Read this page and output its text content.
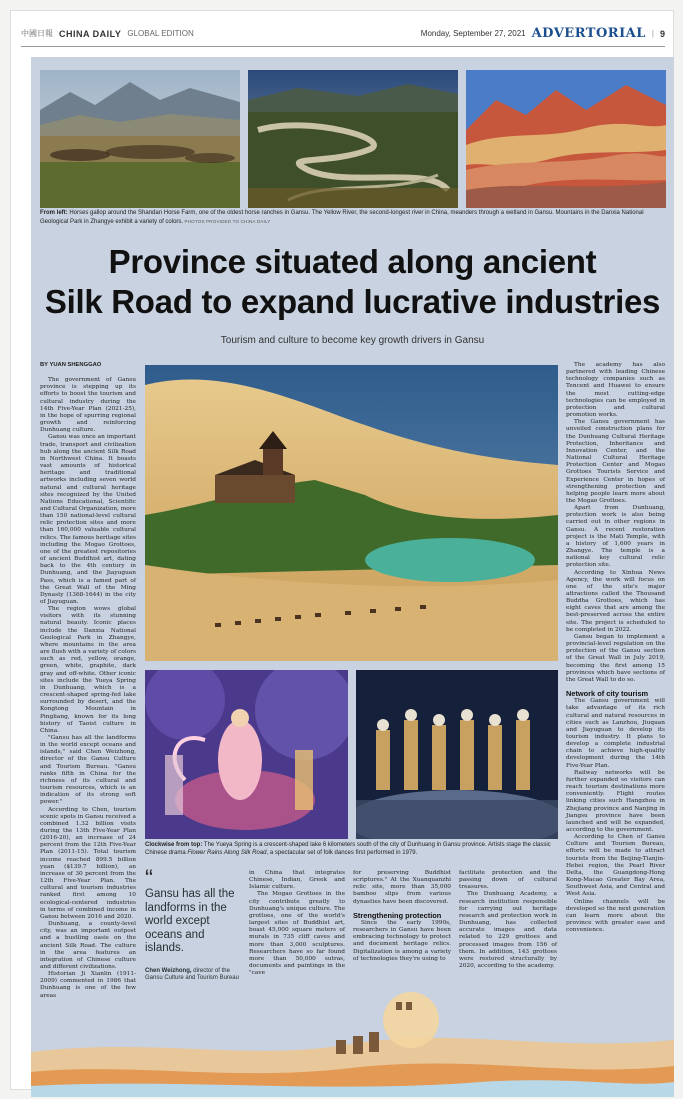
中國日報 CHINA DAILY GLOBAL EDITION	Monday, September 27, 2021 ADVERTORIAL | 9
From left: Horses gallop around the Shandan Horse Farm, one of the oldest horse ranches in Gansu. The Yellow River, the second-longest river in China, meanders through a wetland in Gansu. Mountains in the Danxia National Geological Park in Zhangye exhibit a variety of colors. PHOTOS PROVIDED TO CHINA DAILY
Province situated along ancient
Silk Road to expand lucrative industries
Tourism and culture to become key growth drivers in Gansu

BY YUAN SHENGGAO

The government of Gansu province is stepping up its efforts to boost the tourism and cultural industry during the 14th Five-Year Plan (2021-25), in the hope of spurring regional growth and reinforcing Dunhuang culture.

Gansu was once an important trade, transport and civilization hub along the ancient Silk Road in Northwest China. It boasts vast amounts of historical heritage and traditional artworks including seven world natural and cultural heritage sites recognized by the United Nations Educational, Scientific and Cultural Organization, more than 150 national-level cultural relic protection sites and more than 160,000 valuable cultural relics. The famous heritage sites including the Mogao Grottoes, one of the greatest repositories of ancient Buddhist art, dating back to the 4th century in Dunhuang, and the Jiayuguan Pass, which is a famed part of the Great Wall of the Ming Dynasty (1368-1644) in the city of Jiayuguan.

The region wows global visitors with its stunning natural beauty. Iconic places include the Danxia National Geological Park in Zhangye, where mountains in the area are flush with a variety of colors such as red, yellow, orange, green, white, graphite, dark gray and off-white. Other iconic sites include the Yueya Spring in Dunhuang, which is a crescent-shaped spring-fed lake surrounded by desert, and the Kongtong Mountain in Pingliang, known for its long history of Taoist culture in China.

"Gansu has all the landforms in the world except oceans and islands," said Chen Weizhong, director of the Gansu Culture and Tourism Bureau. "Gansu ranks fifth in China for the richness of its cultural and tourism resources, which is an indication of its strong soft power."

According to Chen, tourism scenic spots in Gansu received a combined 1.32 billion visits during the 13th Five-Year Plan (2016-20), an increase of 24 percent from the 12th Five-Year Plan (2011-15). Total tourism income reached 899.5 billion yuan ($139.7 billion), an increase of 30 percent from the 12th Five-Year Plan. The cultural and tourism industries ranked first among 10 ecological-centered industries in terms of combined income in Gansu between 2016 and 2020.

Dunhuang, a county-level city, was an important outpost and a bustling oasis on the ancient Silk Road. The culture in the area features an integration of Chinese culture and different civilizations.

Historian Ji Xianlin (1911-2009) commented in 1986 that Dunhuang is one of the few areas

Clockwise from top: The Yueya Spring is a crescent-shaped lake 6 kilometers south of the city of Dunhuang in Gansu province. Artists stage the classic Chinese drama Flower Rains Along Silk Road, a spectacular set of folk dances first performed in 1979.
“
Gansu has all the landforms in the world except oceans and islands.
Chen Weizhong, director of the Gansu Culture and Tourism Bureau

in China that integrates Chinese, Indian, Greek and Islamic culture.

The Mogao Grottoes in the city contribute greatly to Dunhuang's unique culture. The grottoes, one of the world's largest sites of Buddhist art, boast 45,000 square meters of murals in 735 cliff caves and more than 3,000 sculptures. Researchers have so far found more than 50,000 sutras, documents and paintings in the "cave

for preserving Buddhist scriptures." At the Xuanquanzhi relic site, more than 35,000 bamboo slips from various dynasties have been discovered.

Strengthening protection

Since the early 1990s, researchers in Gansu have been embracing technology to protect and document heritage relics. Digitalization is among a variety of technologies they're using to

facilitate protection and the passing down of cultural treasures.

The Dunhuang Academy, a research institution responsible for carrying out heritage research and protection work in Dunhuang, has collected accurate images and data related to 229 grottoes and processed images from 156 of them. In addition, 143 grottoes were restored structurally by 2020, according to the academy.

The academy has also partnered with leading Chinese technology companies such as Tencent and Huawei to ensure the most cutting-edge technologies can be employed in protection and cultural promotion works.

The Gansu government has unveiled construction plans for the Dunhuang Cultural Heritage Protection, Inheritance and Innovation Center, and the National Cultural Heritage Protection Center and Mogao Grottoes Tourists Service and Experience Center in hopes of strengthening protection and helping people learn more about the Mogao Grottoes.

Apart from Dunhuang, protection work is also being carried out in other regions in Gansu. A recent restoration project is the Mati Temple, with a history of 1,600 years in Zhangye. The temple is a national key cultural relic protection site.

According to Xinhua News Agency, the work will focus on one of the site's major attractions called the Thousand Buddha Grottoes, which has eight caves that are among the best-preserved across the entire site. The project is scheduled to be completed in 2022.

Gansu began to implement a provincial-level regulation on the protection of the Gansu section of the Great Wall in July 2019, becoming the first among 15 provinces which have sections of the Great Wall to do so.

Network of city tourism

The Gansu government will take advantage of its rich cultural and natural resources in cities such as Lanzhou, Jiuquan and Jiayuguan to develop its tourism industry. It plans to develop a complete industrial chain to achieve high-quality development during the 14th Five-Year Plan.

Railway networks will be further expanded so visitors can reach tourism destinations more conveniently. Flight routes linking cities such Hangzhou in Zhejiang province and Nanjing in Jiangsu province have been launched and will be expanded, according to the government.

According to Chen of Gansu Culture and Tourism Bureau, efforts will be made to attract tourists from the Beijing-Tianjin-Hebei region, the Pearl River Delta, the Guangdong-Hong Kong-Macao Greater Bay Area, Southwest Asia, and Central and West Asia.

Online channels will be developed so the next generation can learn more about the province with greater ease and convenience.
